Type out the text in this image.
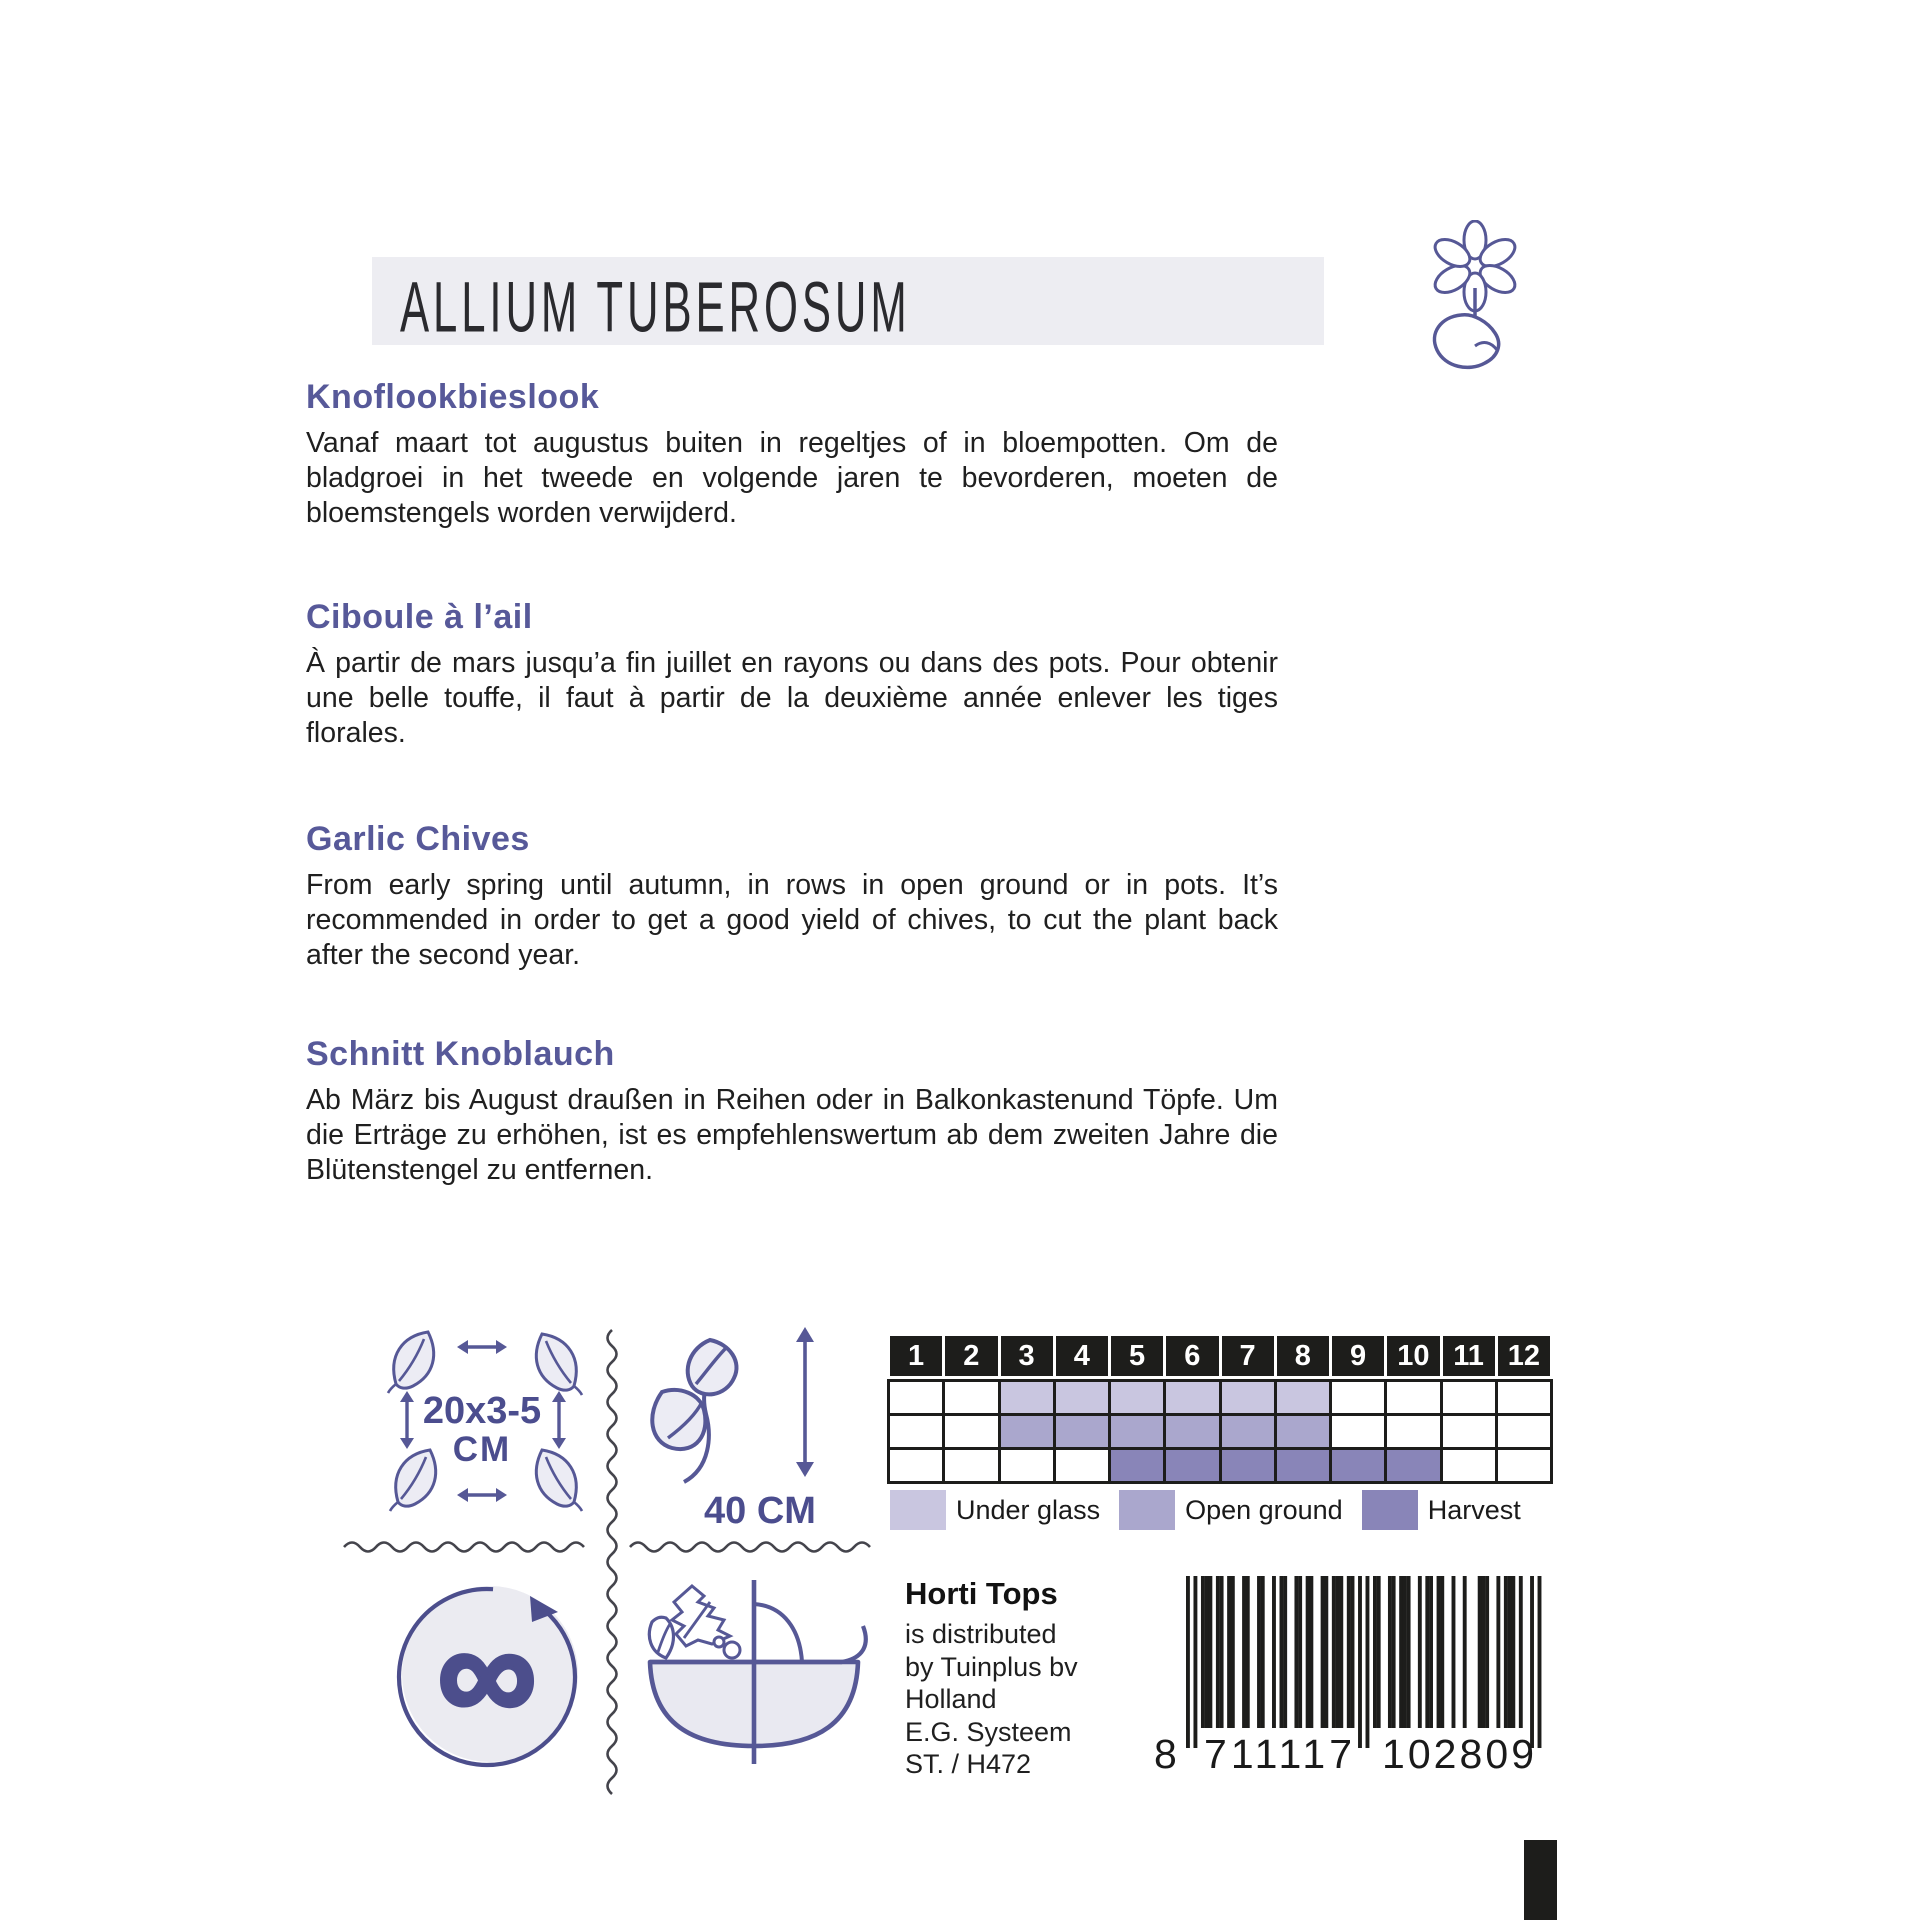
ALLIUM TUBEROSUM
Knoflookbieslook

Vanaf maart tot augustus buiten in regeltjes of in bloempotten. Om de bladgroei in het tweede en volgende jaren te bevorderen, moeten de bloemstengels worden verwijderd.

Ciboule à l’ail

À partir de mars jusqu’a fin juillet en rayons ou dans des pots. Pour obtenir une belle touffe, il faut à partir de la deuxième année enlever les tiges florales.

Garlic Chives

From early spring until autumn, in rows in open ground or in pots. It’s recommended in order to get a good yield of chives, to cut the plant back after the second year.

Schnitt Knoblauch

Ab März bis August draußen in Reihen oder in Balkonkastenund Töpfe. Um die Erträge zu erhöhen, ist es empfehlenswertum ab dem zweiten Jahre die Blütenstengel zu entfernen.

20x3-5
CM
40 CM
1	2	3	4	5	6	7	8	9	10 11 12
Under glass	Open ground	Harvest
∞
Horti Tops
is distributed
by Tuinplus bv
Holland
E.G. Systeem
ST. / H472	8 711117 102809
